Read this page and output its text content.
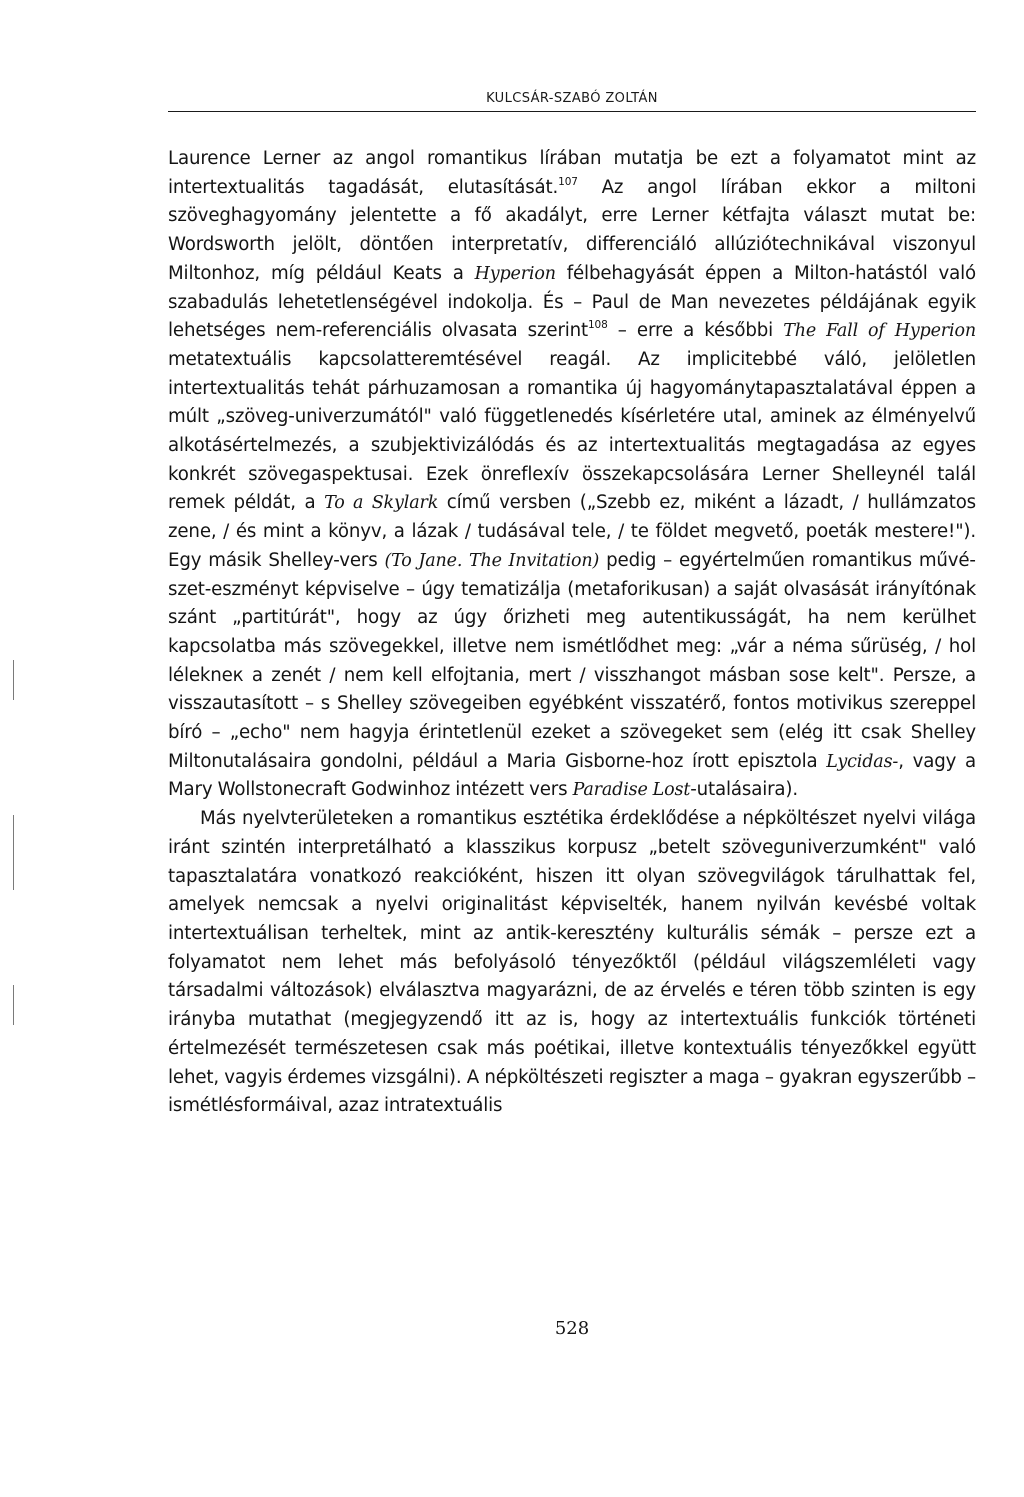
KULCSÁR-SZABÓ ZOLTÁN

Laurence Lerner az angol romantikus lírában mutatja be ezt a folyamatot mint az intertextualitás tagadását, elutasítását.$^{107}$ Az angol lírában ekkor a miltoni szöveghagyomány jelentette a fő akadályt, erre Lerner kétfajta választ mutat be: Wordsworth jelölt, döntően interpretatív, differenciáló allúziótechnikával viszonyul Miltonhoz, míg például Keats a Hyperion félbehagyását éppen a Milton-hatástól való szabadulás lehetetlenségével indokolja. És – Paul de Man nevezetes példájának egyik lehetséges nem-referenciális olvasata szerint$^{108}$ – erre a későbbi The Fall of Hyperion metatextuális kapcsolatteremtésével reagál. Az implicitebbé váló, jelöletlen intertextualitás tehát párhuzamosan a romantika új hagyománytapasztalatával éppen a múlt „szöveg-univerzumától" való függetlenedés kísérletére utal, aminek az élményelvű alkotásértelmezés, a szubjektivizálódás és az intertextualitás megtagadása az egyes konkrét szövegaspektusai. Ezek önreflexív összekapcsolására Lerner Shelleynél talál remek példát, a To a Skylark című versben („Szebb ez, miként a lázadt, / hullámzatos zene, / és mint a könyv, a lázak / tudásával tele, / te földet megvető, poeták mestere!"). Egy másik Shelley-vers (To Jane. The Invitation) pedig – egyértelműen romantikus művészet-eszményt képviselve – úgy tematizálja (metaforikusan) a saját olvasását irányítónak szánt „partitúrát", hogy az úgy őrizheti meg autentikusságát, ha nem kerülhet kapcsolatba más szövegekkel, illetve nem ismétlődhet meg: „vár a néma sűrüség, / hol lélekneк a zenét / nem kell elfojtania, mert / visszhangot másban sose kelt". Persze, a visszautasított – s Shelley szövegeiben egyébként visszatérő, fontos motivikus szereppel bíró – „echo" nem hagyja érintetlenül ezeket a szövegeket sem (elég itt csak Shelley Miltonutalásaira gondolni, például a Maria Gisborne-hoz írott episztola Lycidas-, vagy a Mary Wollstonecraft Godwinhoz intézett vers Paradise Lost-utalásaira).

Más nyelvterületeken a romantikus esztétika érdeklődése a népköltészet nyelvi világa iránt szintén interpretálható a klasszikus korpusz „betelt szöveguniverzumként" való tapasztalatára vonatkozó reakcióként, hiszen itt olyan szövegvilágok tárulhattak fel, amelyek nemcsak a nyelvi originalitást képviselték, hanem nyilván kevésbé voltak intertextuálisan terheltek, mint az antik-keresztény kulturális sémák – persze ezt a folyamatot nem lehet más befolyásoló tényezőktől (például világszemléleti vagy társadalmi változások) elválasztva magyarázni, de az érvelés e téren több szinten is egy irányba mutathat (megjegyzendő itt az is, hogy az intertextuális funkciók történeti értelmezését természetesen csak más poétikai, illetve kontextuális tényezőkkel együtt lehet, vagyis érdemes vizsgálni). A népköltészeti regiszter a maga – gyakran egyszerűbb – ismétlésformáival, azaz intratextuális

528
